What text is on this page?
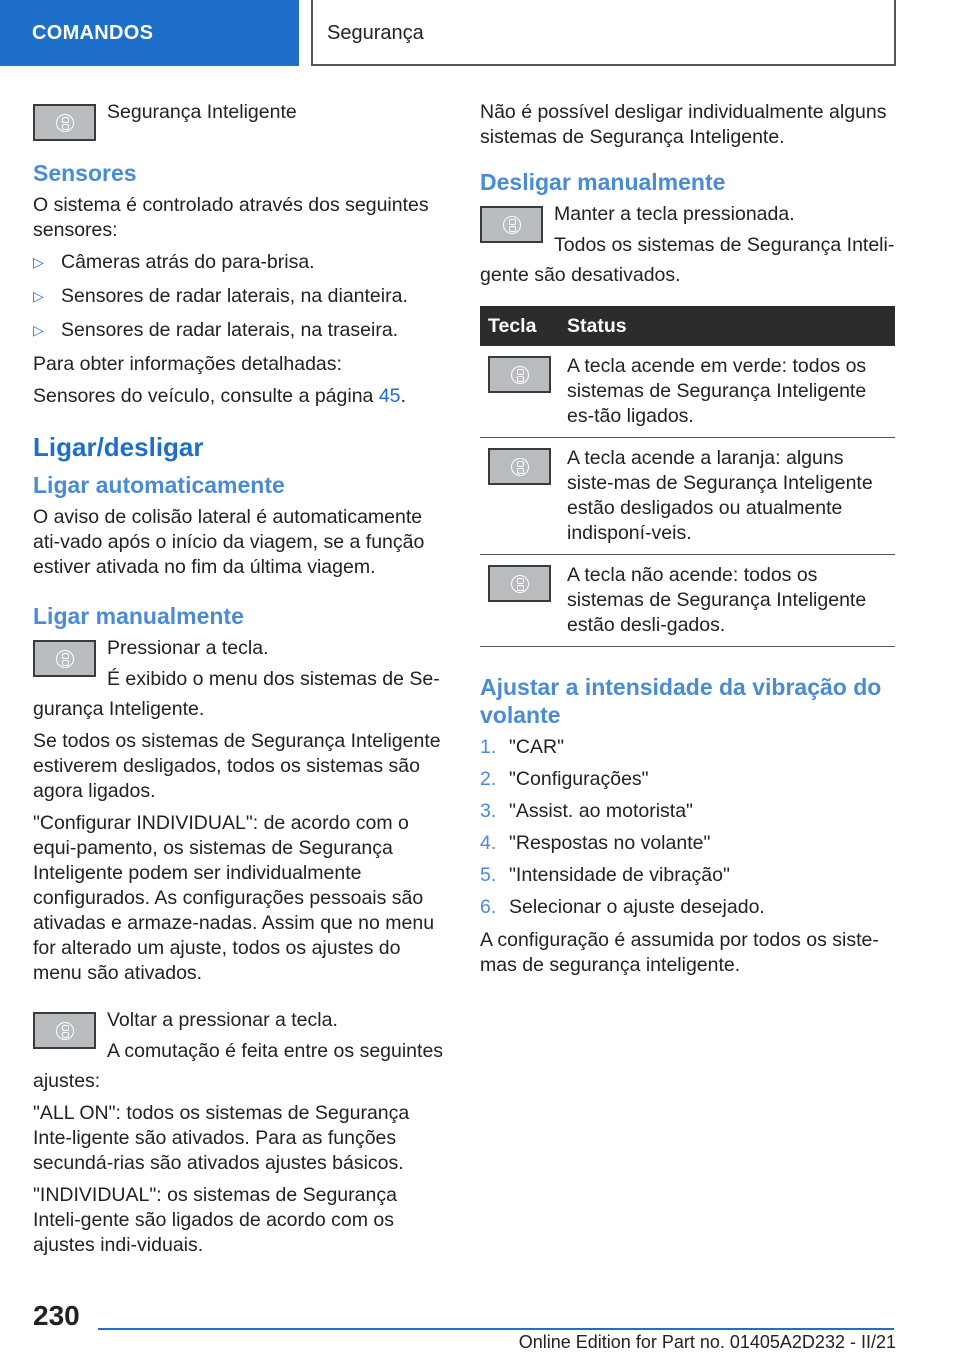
COMANDOS	Segurança

Segurança Inteligente

Sensores

O sistema é controlado através dos seguintes sensores:

▷ Câmeras atrás do para-brisa.
▷ Sensores de radar laterais, na dianteira.
▷ Sensores de radar laterais, na traseira.

Para obter informações detalhadas:

Sensores do veículo, consulte a página 45.

Ligar/desligar
Ligar automaticamente

O aviso de colisão lateral é automaticamente ati-vado após o início da viagem, se a função estiver ativada no fim da última viagem.

Ligar manualmente

Pressionar a tecla.

É exibido o menu dos sistemas de Se-

gurança Inteligente.

Se todos os sistemas de Segurança Inteligente estiverem desligados, todos os sistemas são agora ligados.

"Configurar INDIVIDUAL": de acordo com o equi-pamento, os sistemas de Segurança Inteligente podem ser individualmente configurados. As configurações pessoais são ativadas e armaze-nadas. Assim que no menu for alterado um ajuste, todos os ajustes do menu são ativados.

Voltar a pressionar a tecla.

A comutação é feita entre os seguintes

ajustes:

"ALL ON": todos os sistemas de Segurança Inte-ligente são ativados. Para as funções secundá-rias são ativados ajustes básicos.

"INDIVIDUAL": os sistemas de Segurança Inteli-gente são ligados de acordo com os ajustes indi-viduais.

Não é possível desligar individualmente alguns sistemas de Segurança Inteligente.

Desligar manualmente

Manter a tecla pressionada.

Todos os sistemas de Segurança Inteli-

gente são desativados.

Tecla	Status

	A tecla acende em verde: todos os sistemas de Segurança Inteligente es-tão ligados.

	A tecla acende a laranja: alguns siste-mas de Segurança Inteligente estão desligados ou atualmente indisponí-veis.

	A tecla não acende: todos os sistemas de Segurança Inteligente estão desli-gados.
Ajustar a intensidade da vibração do volante
1. "CAR"
2. "Configurações"
3. "Assist. ao motorista"
4. "Respostas no volante"
5. "Intensidade de vibração"
6. Selecionar o ajuste desejado.

A configuração é assumida por todos os siste-mas de segurança inteligente.

230
Online Edition for Part no. 01405A2D232 - II/21
